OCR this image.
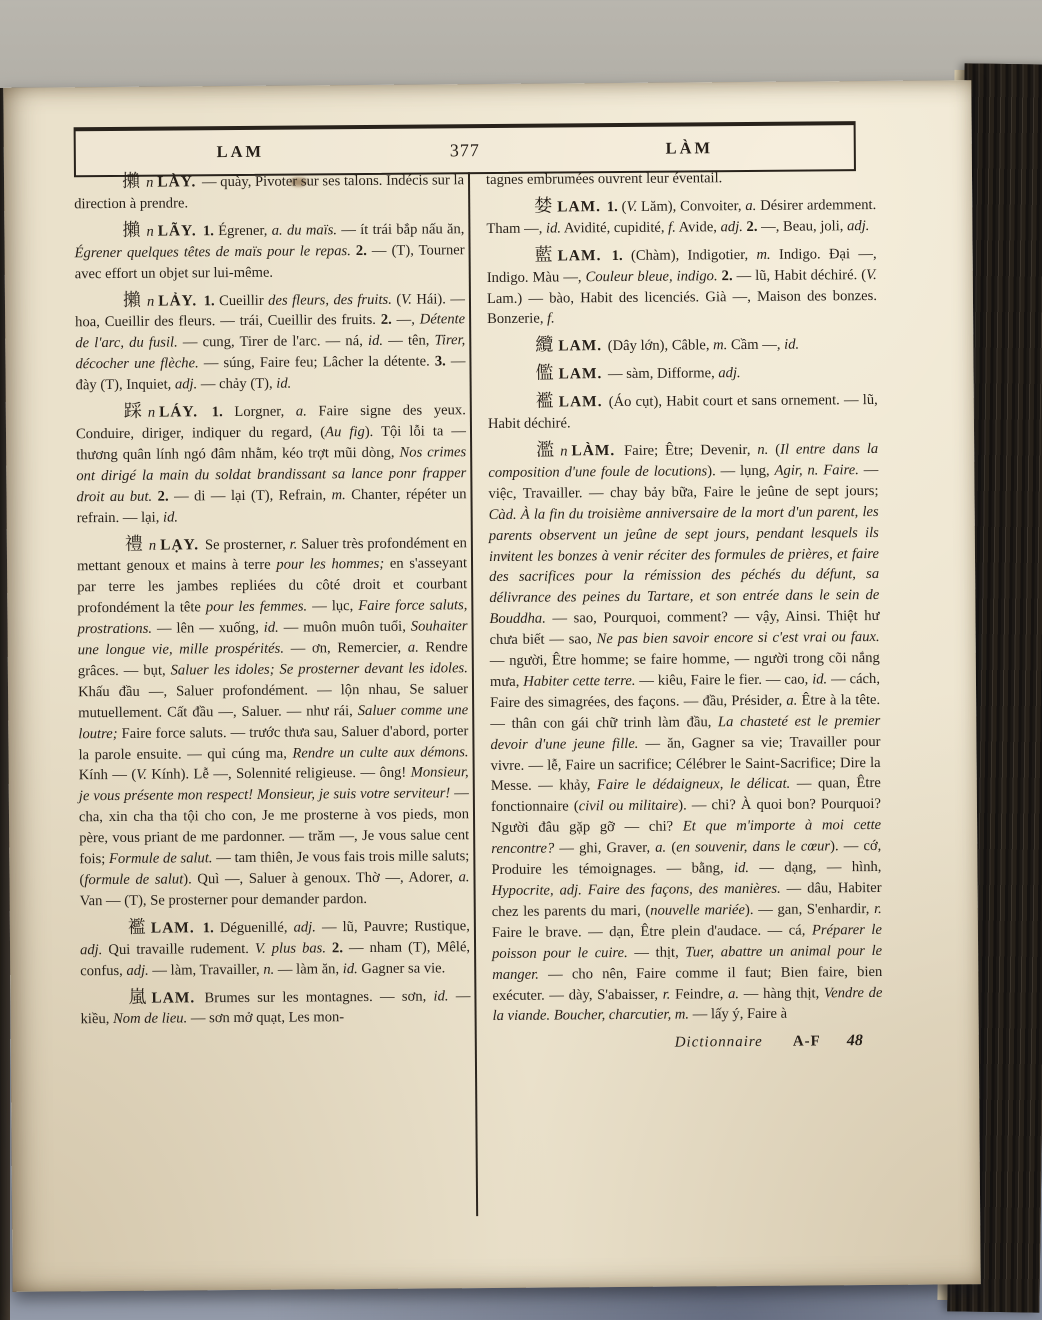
LAM	377	LÀM

攋 n LÀY. — quày, Pivoter sur ses talons. Indécis sur la direction à prendre.

攋 n LÃY. 1. Égrener, a. du maïs. — ít trái bắp nấu ăn, Égrener quelques têtes de maïs pour le repas. 2. — (T), Tourner avec effort un objet sur lui-même.

攋 n LẢY. 1. Cueillir des fleurs, des fruits. (V. Hái). — hoa, Cueillir des fleurs. — trái, Cueillir des fruits. 2. —, Détente de l'arc, du fusil. — cung, Tirer de l'arc. — ná, id. — tên, Tirer, décocher une flèche. — súng, Faire feu; Lâcher la détente. 3. — đày (T), Inquiet, adj. — chảy (T), id.

踩 n LÁY. 1. Lorgner, a. Faire signe des yeux. Conduire, diriger, indiquer du regard, (Au fig). Tội lỗi ta — thương quân lính ngó đâm nhằm, kéo trợt mũi dòng, Nos crimes ont dirigé la main du soldat brandissant sa lance ponr frapper droit au but. 2. — di — lại (T), Refrain, m. Chanter, répéter un refrain. — lại, id.

禮 n LẠY. Se prosterner, r. Saluer très profondément en mettant genoux et mains à terre pour les hommes; en s'asseyant par terre les jambes repliées du côté droit et courbant profondément la tête pour les femmes. — lục, Faire force saluts, prostrations. — lên — xuống, id. — muôn muôn tuổi, Souhaiter une longue vie, mille prospérités. — ơn, Remercier, a. Rendre grâces. — bụt, Saluer les idoles; Se prosterner devant les idoles. Khấu đầu —, Saluer profondément. — lộn nhau, Se saluer mutuellement. Cất đầu —, Saluer. — như rái, Saluer comme une loutre; Faire force saluts. — trước thưa sau, Saluer d'abord, porter la parole ensuite. — quỉ cúng ma, Rendre un culte aux démons. Kính — (V. Kính). Lễ —, Solennité religieuse. — ông! Monsieur, je vous présente mon respect! Monsieur, je suis votre serviteur! — cha, xin cha tha tội cho con, Je me prosterne à vos pieds, mon père, vous priant de me pardonner. — trăm —, Je vous salue cent fois; Formule de salut. — tam thiên, Je vous fais trois mille saluts; (formule de salut). Quì —, Saluer à genoux. Thờ —, Adorer, a. Van — (T), Se prosterner pour demander pardon.

襤 LAM. 1. Déguenillé, adj. — lũ, Pauvre; Rustique, adj. Qui travaille rudement. V. plus bas. 2. — nham (T), Mêlé, confus, adj. — làm, Travailler, n. — làm ăn, id. Gagner sa vie.

嵐 LAM. Brumes sur les montagnes. — sơn, id. — kiều, Nom de lieu. — sơn mở quạt, Les mon-

tagnes embrumées ouvrent leur éventail.

婪 LAM. 1. (V. Lăm), Convoiter, a. Désirer ardemment. Tham —, id. Avidité, cupidité, f. Avide, adj. 2. —, Beau, joli, adj.

藍 LAM. 1. (Chàm), Indigotier, m. Indigo. Đại —, Indigo. Màu —, Couleur bleue, indigo. 2. — lũ, Habit déchiré. (V. Lam.) — bào, Habit des licenciés. Già —, Maison des bonzes. Bonzerie, f.

纜 LAM. (Dây lớn), Câble, m. Cầm —, id.

儖 LAM. — sàm, Difforme, adj.

襤 LAM. (Áo cụt), Habit court et sans ornement. — lũ, Habit déchiré.

濫 n LÀM. Faire; Être; Devenir, n. (Il entre dans la composition d'une foule de locutions). — lụng, Agir, n. Faire. — việc, Travailler. — chay bảy bữa, Faire le jeûne de sept jours; Càd. À la fin du troisième anniversaire de la mort d'un parent, les parents observent un jeûne de sept jours, pendant lesquels ils invitent les bonzes à venir réciter des formules de prières, et faire des sacrifices pour la rémission des péchés du défunt, sa délivrance des peines du Tartare, et son entrée dans le sein de Bouddha. — sao, Pourquoi, comment? — vậy, Ainsi. Thiệt hư chưa biết — sao, Ne pas bien savoir encore si c'est vrai ou faux. — người, Être homme; se faire homme, — người trong cõi nắng mưa, Habiter cette terre. — kiêu, Faire le fier. — cao, id. — cách, Faire des simagrées, des façons. — đầu, Présider, a. Être à la tête. — thân con gái chữ trinh làm đầu, La chasteté est le premier devoir d'une jeune fille. — ăn, Gagner sa vie; Travailler pour vivre. — lễ, Faire un sacrifice; Célébrer le Saint-Sacrifice; Dire la Messe. — khảy, Faire le dédaigneux, le délicat. — quan, Être fonctionnaire (civil ou militaire). — chi? À quoi bon? Pourquoi? Người đâu gặp gỡ — chi? Et que m'importe à moi cette rencontre? — ghi, Graver, a. (en souvenir, dans le cœur). — cớ, Produire les témoignages. — bằng, id. — dạng, — hình, Hypocrite, adj. Faire des façons, des manières. — dâu, Habiter chez les parents du mari, (nouvelle mariée). — gan, S'enhardir, r. Faire le brave. — dạn, Être plein d'audace. — cá, Préparer le poisson pour le cuire. — thịt, Tuer, abattre un animal pour le manger. — cho nên, Faire comme il faut; Bien faire, bien exécuter. — dày, S'abaisser, r. Feindre, a. — hàng thịt, Vendre de la viande. Boucher, charcutier, m. — lấy ý, Faire à

Dictionnaire A-F 48
